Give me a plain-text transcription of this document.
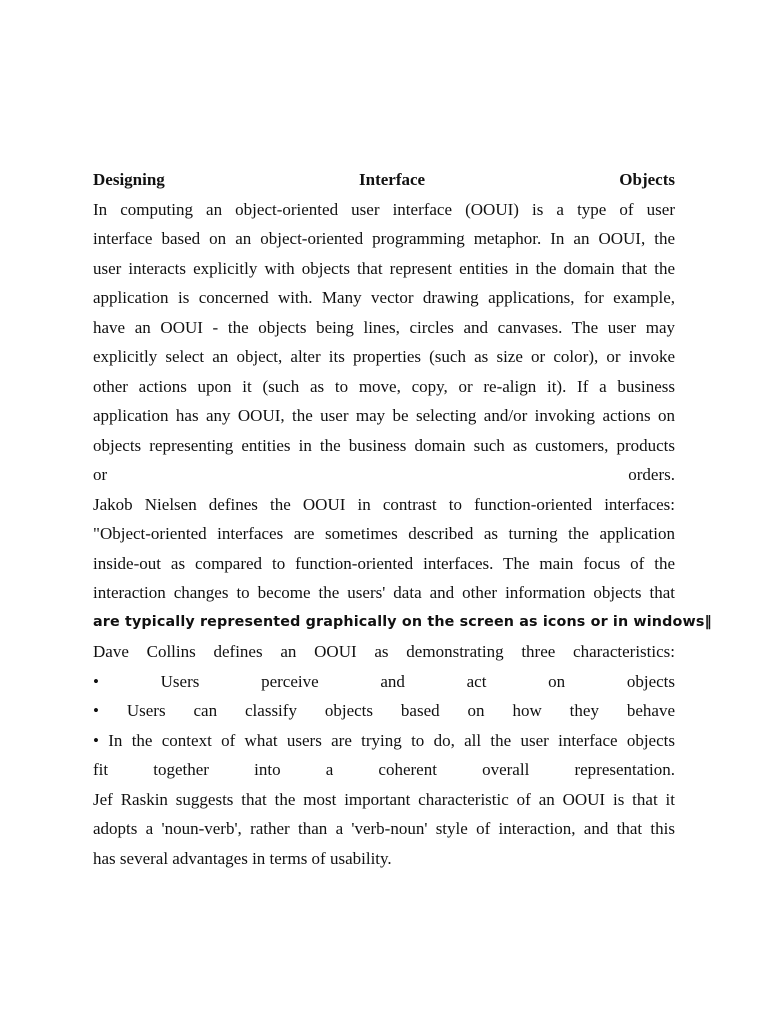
Designing	Interface	Objects
In computing an object-oriented user interface (OOUI) is a type of user
interface based on an object-oriented programming metaphor. In an OOUI, the
user interacts explicitly with objects that represent entities in the domain that the
application is concerned with. Many vector drawing applications, for example,
have an OOUI - the objects being lines, circles and canvases. The user may
explicitly select an object, alter its properties (such as size or color), or invoke
other actions upon it (such as to move, copy, or re-align it). If a business
application has any OOUI, the user may be selecting and/or invoking actions on
objects representing entities in the business domain such as customers, products
or orders.
Jakob Nielsen defines the OOUI in contrast to function-oriented interfaces:
"Object-oriented interfaces are sometimes described as turning the application
inside-out as compared to function-oriented interfaces. The main focus of the
interaction changes to become the users' data and other information objects that
are typically represented graphically on the screen as icons or in windows‖
Dave Collins defines an OOUI as demonstrating three characteristics:
• Users perceive and act on objects
• Users can classify objects based on how they behave
• In the context of what users are trying to do, all the user interface objects
fit together into a coherent overall representation.
Jef Raskin suggests that the most important characteristic of an OOUI is that it
adopts a 'noun-verb', rather than a 'verb-noun' style of interaction, and that this
has several advantages in terms of usability.
